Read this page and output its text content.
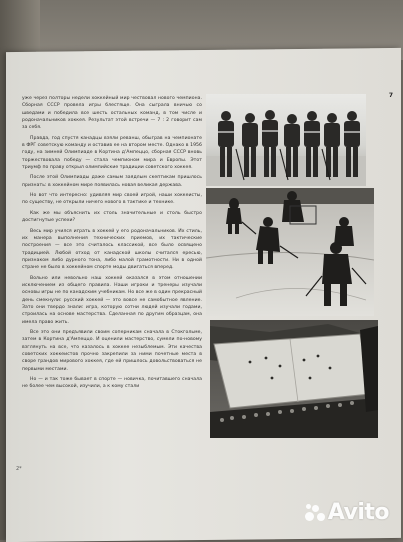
7

уже через полторы недели хоккейный мир чествовал нового чемпиона. Сборная СССР провела игры блестяще. Она сыграла вничью со шведами и победила все шесть остальных команд, в том числе и родоначальников хоккея. Результат этой встречи — 7 : 2 говорит сам за себя.

Правда, год спустя канадцы взяли реванш, обыграв на чемпионате в ФРГ советскую команду и оставив ее на втором месте. Однако в 1956 году, на зимней Олимпиаде в Кортина д'Ампеццо, сборная СССР вновь торжествовала победу — стала чемпионом мира и Европы. Этот триумф по праву открыл олимпийские традиции советского хоккея.

После этой Олимпиады даже самым заядлым скептикам пришлось признать: в хоккейном мире появилась новая великая держава.

Но вот что интересно: удивляя мир своей игрой, наши хоккеисты, по существу, не открыли ничего нового в тактике и технике.

Как же мы объяснить их столь значительные и столь быстро достигнутые успехи?

Весь мир учился играть в хоккей у его родоначальников. Их стиль, их манера выполнения технических приемов, их тактические построения — все это считалось классикой, все было освящено традицией. Любой отход от канадской школы считался ересью, признаком либо дурного тона, либо малой грамотности. Ни в одной стране не было в хоккейном спорте моды двигаться вперед.

Вольно или невольно наш хоккей оказался в этом отношении исключением из общего правила. Наши игроки и тренеры изучали основы игры не по канадским учебникам. Но все же в один прекрасный день смекнули: русский хоккей — это вовсе не самобытное явление. Зато они твердо знали: игра, которую сотни людей изучали годами, строилась на основе мастерства. Сделанная по другим образцам, она имела право жить.

Все это они предъявили своим соперникам сначала в Стокгольме, затем в Кортина д'Ампеццо. И оценили мастерство, сумели по-новому взглянуть на все, что казалось в хоккее незыблемым. Эти качества советских хоккеистов прочно закрепили за ними почетные места в своре грандов мирового хоккея, где ей пришлось довольствоваться не первыми местами.

Но — и так тоже бывает в спорте — новичка, почитавшего сначала не более чем высокой, изучили, а к кому стали

2*
Avito
